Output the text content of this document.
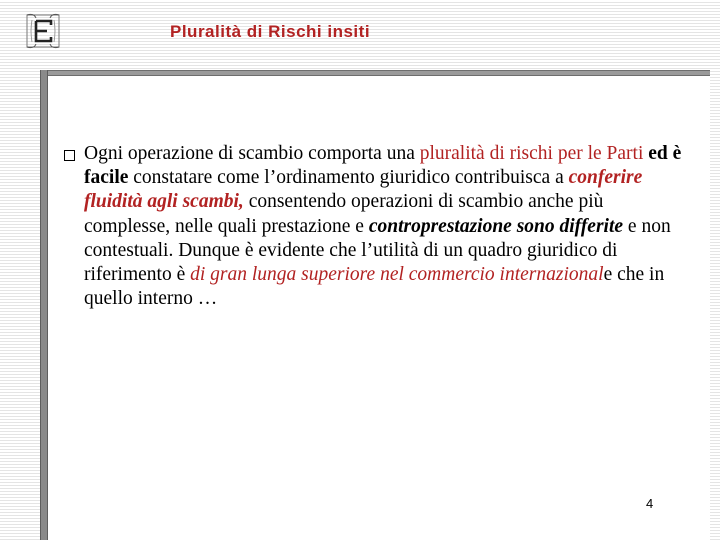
Pluralità di Rischi insiti
Ogni operazione di scambio comporta una pluralità di rischi per le Parti ed è facile constatare come l’ordinamento giuridico contribuisca a conferire fluidità agli scambi, consentendo operazioni di scambio anche più complesse, nelle quali prestazione e controprestazione sono differite e non contestuali. Dunque è evidente che l’utilità di un quadro giuridico di riferimento è di gran lunga superiore nel commercio internazionale che in quello interno …
4
